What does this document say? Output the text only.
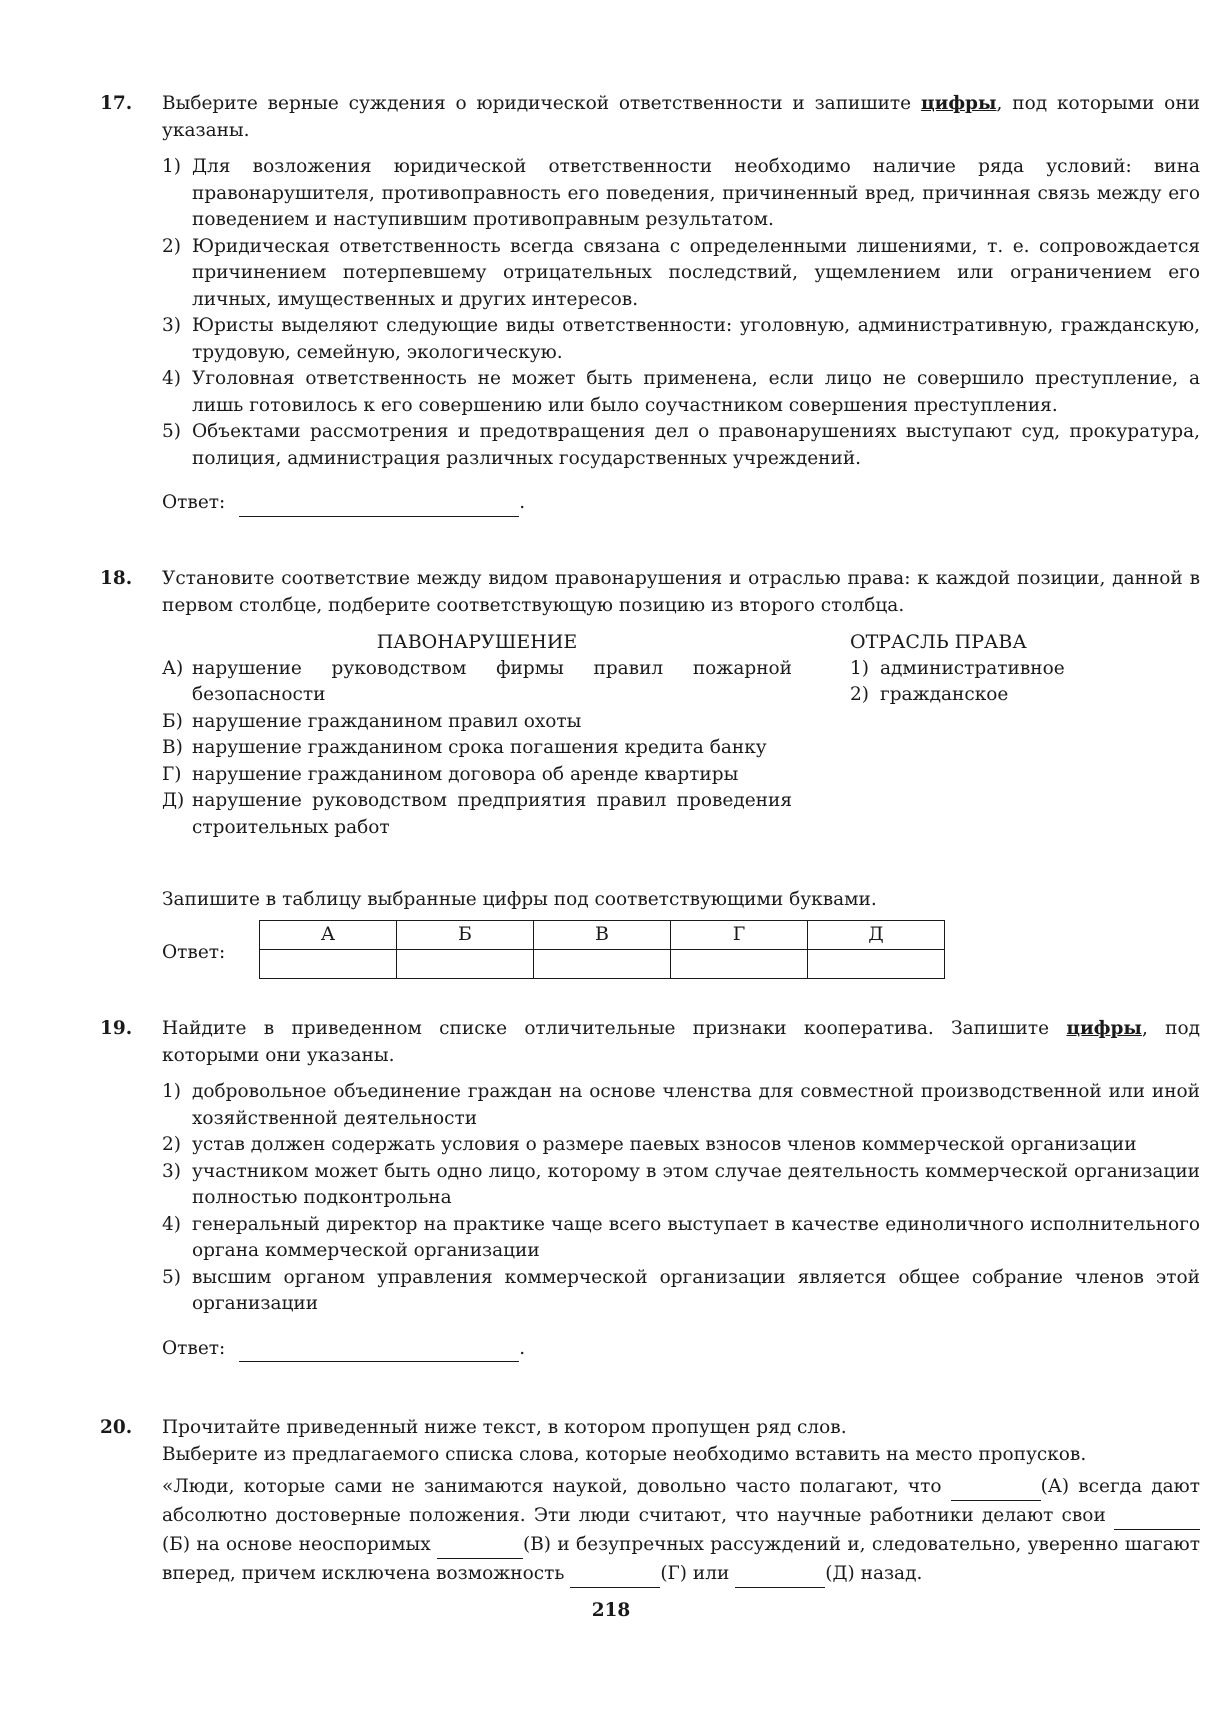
17. Выберите верные суждения о юридической ответственности и запишите цифры, под которыми они указаны.

1) Для возложения юридической ответственности необходимо наличие ряда условий: вина правонарушителя, противоправность его поведения, причиненный вред, причинная связь между его поведением и наступившим противоправным результатом.
2) Юридическая ответственность всегда связана с определенными лишениями, т. е. сопровождается причинением потерпевшему отрицательных последствий, ущемлением или ограничением его личных, имущественных и других интересов.
3) Юристы выделяют следующие виды ответственности: уголовную, административную, гражданскую, трудовую, семейную, экологическую.
4) Уголовная ответственность не может быть применена, если лицо не совершило преступление, а лишь готовилось к его совершению или было соучастником совершения преступления.
5) Объектами рассмотрения и предотвращения дел о правонарушениях выступают суд, прокуратура, полиция, администрация различных государственных учреждений.
Ответ:	.
18. Установите соответствие между видом правонарушения и отраслью права: к каждой позиции, данной в первом столбце, подберите соответствующую позицию из второго столбца.

ПАВОНАРУШЕНИЕ
А) нарушение руководством фирмы правил пожарной безопасности
Б) нарушение гражданином правил охоты
В) нарушение гражданином срока погашения кредита банку
Г) нарушение гражданином договора об аренде квартиры
Д) нарушение руководством предприятия правил проведения строительных работ
ОТРАСЛЬ ПРАВА
1) административное
2) гражданское

Запишите в таблицу выбранные цифры под соответствующими буквами.

Ответ:
А	Б	В	Г	Д

19. Найдите в приведенном списке отличительные признаки кооператива. Запишите цифры, под которыми они указаны.

1) добровольное объединение граждан на основе членства для совместной производственной или иной хозяйственной деятельности
2) устав должен содержать условия о размере паевых взносов членов коммерческой организации
3) участником может быть одно лицо, которому в этом случае деятельность коммерческой организации полностью подконтрольна
4) генеральный директор на практике чаще всего выступает в качестве единоличного исполнительного органа коммерческой организации
5) высшим органом управления коммерческой организации является общее собрание членов этой организации
Ответ:	.
20. Прочитайте приведенный ниже текст, в котором пропущен ряд слов.

Выберите из предлагаемого списка слова, которые необходимо вставить на место пропусков.

«Люди, которые сами не занимаются наукой, довольно часто полагают, что	(А) всегда дают абсолютно достоверные положения. Эти люди считают, что научные работники делают свои (Б) на основе неоспоримых	(В) и безупречных рассуждений и, следовательно, уверенно шагают вперед, причем исключена возможность	(Г) или	(Д) назад.

218
